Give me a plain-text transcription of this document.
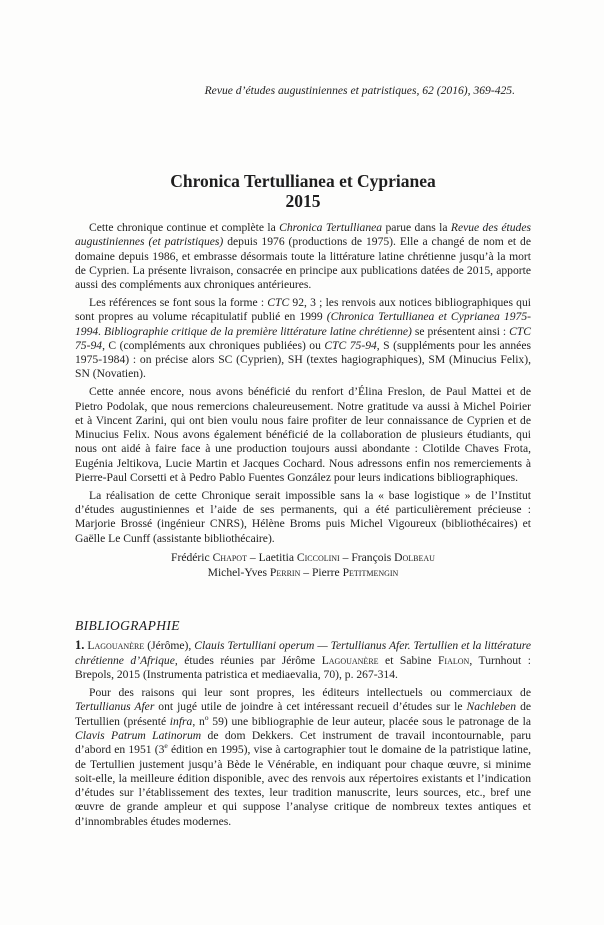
Revue d’études augustiniennes et patristiques, 62 (2016), 369-425.
Chronica Tertullianea et Cyprianea
2015

Cette chronique continue et complète la Chronica Tertullianea parue dans la Revue des études augustiniennes (et patristiques) depuis 1976 (productions de 1975). Elle a changé de nom et de domaine depuis 1986, et embrasse désormais toute la littérature latine chrétienne jusqu’à la mort de Cyprien. La présente livraison, consacrée en principe aux publications datées de 2015, apporte aussi des compléments aux chroniques antérieures.

Les références se font sous la forme : CTC 92, 3 ; les renvois aux notices bibliographiques qui sont propres au volume récapitulatif publié en 1999 (Chronica Tertullianea et Cyprianea 1975-1994. Bibliographie critique de la première littérature latine chrétienne) se présentent ainsi : CTC 75-94, C (compléments aux chroniques publiées) ou CTC 75-94, S (suppléments pour les années 1975-1984) : on précise alors SC (Cyprien), SH (textes hagiographiques), SM (Minucius Felix), SN (Novatien).

Cette année encore, nous avons bénéficié du renfort d’Élina Freslon, de Paul Mattei et de Pietro Podolak, que nous remercions chaleureusement. Notre gratitude va aussi à Michel Poirier et à Vincent Zarini, qui ont bien voulu nous faire profiter de leur connaissance de Cyprien et de Minucius Felix. Nous avons également bénéficié de la collaboration de plusieurs étudiants, qui nous ont aidé à faire face à une production toujours aussi abondante : Clotilde Chaves Frota, Eugénia Jeltikova, Lucie Martin et Jacques Cochard. Nous adressons enfin nos remerciements à Pierre-Paul Corsetti et à Pedro Pablo Fuentes González pour leurs indications bibliographiques.

La réalisation de cette Chronique serait impossible sans la « base logistique » de l’Institut d’études augustiniennes et l’aide de ses permanents, qui a été particulièrement précieuse : Marjorie Brossé (ingénieur CNRS), Hélène Broms puis Michel Vigoureux (bibliothécaires) et Gaëlle Le Cunff (assistante bibliothécaire).

Frédéric Chapot – Laetitia Ciccolini – François Dolbeau
Michel-Yves Perrin – Pierre Petitmengin
BIBLIOGRAPHIE

1. Lagouanère (Jérôme), Clauis Tertulliani operum — Tertullianus Afer. Tertullien et la littérature chrétienne d’Afrique, études réunies par Jérôme Lagouanère et Sabine Fialon, Turnhout : Brepols, 2015 (Instrumenta patristica et mediaevalia, 70), p. 267-314.

Pour des raisons qui leur sont propres, les éditeurs intellectuels ou commerciaux de Tertullianus Afer ont jugé utile de joindre à cet intéressant recueil d’études sur le Nachleben de Tertullien (présenté infra, $n^o$ 59) une bibliographie de leur auteur, placée sous le patronage de la Clavis Patrum Latinorum de dom Dekkers. Cet instrument de travail incontournable, paru d’abord en 1951 (3e édition en 1995), vise à cartographier tout le domaine de la patristique latine, de Tertullien justement jusqu’à Bède le Vénérable, en indiquant pour chaque œuvre, si minime soit-elle, la meilleure édition disponible, avec des renvois aux répertoires existants et l’indication d’études sur l’établissement des textes, leur tradition manuscrite, leurs sources, etc., bref une œuvre de grande ampleur et qui suppose l’analyse critique de nombreux textes antiques et d’innombrables études modernes.
